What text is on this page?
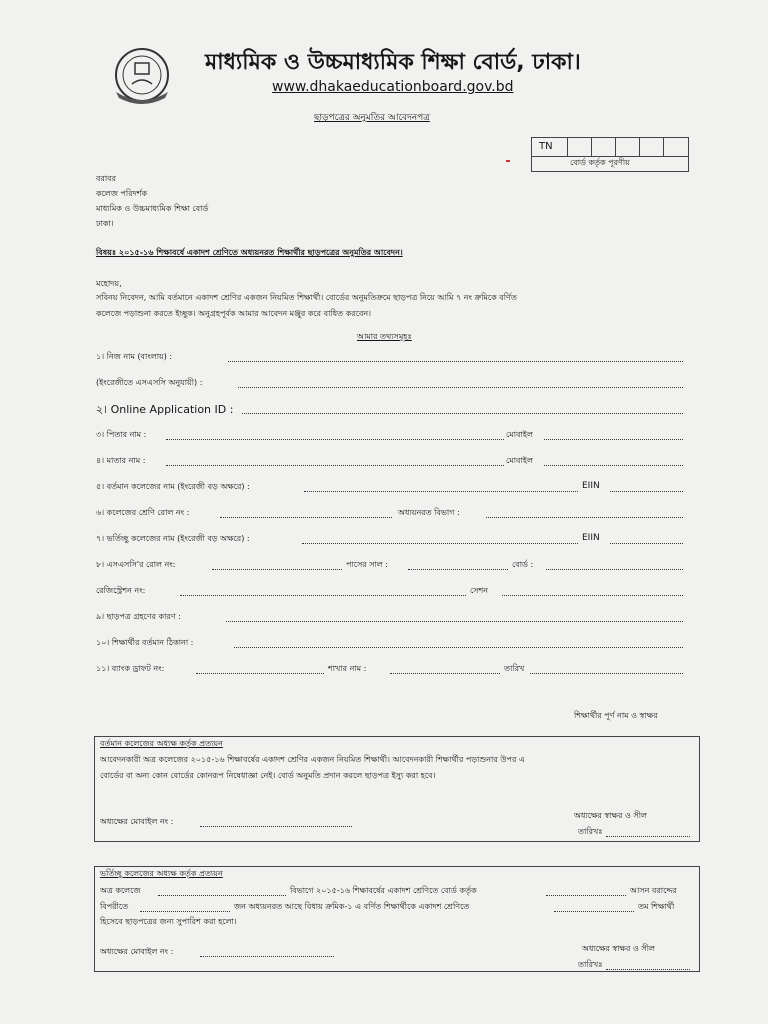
মাধ্যমিক ও উচ্চমাধ্যমিক শিক্ষা বোর্ড, ঢাকা।
www.dhakaeducationboard.gov.bd
ছাড়পত্রের অনুমতির আবেদনপত্র
TN
বোর্ড কর্তৃক পূরণীয়
বরাবর
কলেজ পরিদর্শক
মাধ্যমিক ও উচ্চমাধ্যমিক শিক্ষা বোর্ড
ঢাকা।
বিষয়ঃ ২০১৫-১৬ শিক্ষাবর্ষে একাদশ শ্রেণিতে অধ্যয়নরত শিক্ষার্থীর ছাড়পত্রের অনুমতির আবেদন।
মহোদয়,
সবিনয় নিবেদন, আমি বর্তমানে একাদশ শ্রেণির একজন নিয়মিত শিক্ষার্থী। বোর্ডের অনুমতিক্রমে ছাড়পত্র নিয়ে আমি ৭ নং ক্রমিকে বর্ণিত
কলেজে পড়াশুনা করতে ইচ্ছুক। অনুগ্রহপূর্বক আমার আবেদন মঞ্জুর করে বাধিত করবেন।
আমার তথ্যসমূহঃ
১। নিজ নাম (বাংলায়) :
(ইংরেজীতে এসএসসি অনুযায়ী) :
২। Online Application ID :
৩। পিতার নাম :	মোবাইল
৪। মাতার নাম :	মোবাইল
৫। বর্তমান কলেজের নাম (ইংরেজী বড় অক্ষরে) :	EIIN
৬। কলেজের শ্রেণি রোল নং :	অধ্যয়নরত বিভাগ :
৭। ভর্তিচ্ছু কলেজের নাম (ইংরেজী বড় অক্ষরে) :	EIIN
৮। এসএসসি'র রোল নং:	পাসের সাল :	বোর্ড :
রেজিস্ট্রেশন নং:	সেশন
৯। ছাড়পত্র গ্রহণের কারণ :
১০। শিক্ষার্থীর বর্তমান ঠিকানা :
১১। ব্যাংক ড্রাফট নং:	শাখার নাম :	তারিখ
শিক্ষার্থীর পূর্ণ নাম ও স্বাক্ষর
বর্তমান কলেজের অধ্যক্ষ কর্তৃক প্রত্যয়ন
আবেদনকারী অত্র কলেজের ২০১৫-১৬ শিক্ষাবর্ষের একাদশ শ্রেণির একজন নিয়মিত শিক্ষার্থী। আবেদনকারী শিক্ষার্থীর পড়াশুনার উপর এ
বোর্ডের বা অন্য কোন বোর্ডের কোনরূপ নিষেধাজ্ঞা নেই। বোর্ড অনুমতি প্রদান করলে ছাড়পত্র ইস্যু করা হবে।
অধ্যক্ষের মোবাইল নং :
অধ্যক্ষের স্বাক্ষর ও সীল
তারিখঃ
ভর্তিচ্ছু কলেজের অধ্যক্ষ কর্তৃক প্রত্যয়ন
অত্র কলেজে	বিভাগে ২০১৫-১৬ শিক্ষাবর্ষের একাদশ শ্রেণিতে বোর্ড কর্তৃক	আসন বরাদ্দের
বিপরীতে	জন অধ্যয়নরত আছে বিধায় ক্রমিক-১ এ বর্ণিত শিক্ষার্থীকে একাদশ শ্রেণিতে	তম শিক্ষার্থী
হিসেবে ছাড়পত্রের জন্য সুপারিশ করা হলো।
অধ্যক্ষের মোবাইল নং :	অধ্যক্ষের স্বাক্ষর ও সীল
তারিখঃ
